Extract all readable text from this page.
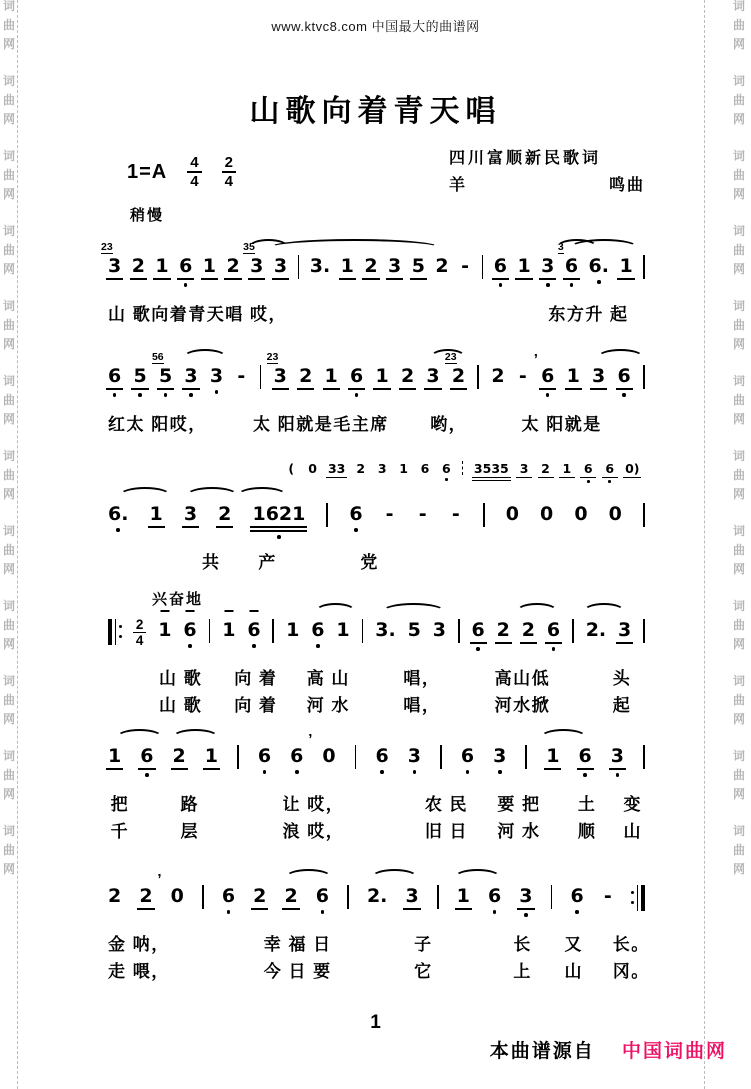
词
曲
网
词
曲
网
词
曲
网
词
曲
网
词
曲
网
词
曲
网
词
曲
网
词
曲
网
词
曲
网
词
曲
网
词
曲
网
词
曲
网
词
曲
网
词
曲
网
词
曲
网
词
曲
网
词
曲
网
词
曲
网
词
曲
网
词
曲
网
词
曲
网
词
曲
网
词
曲
网
词
曲
网
www.ktvc8.com 中国最大的曲谱网
山歌向着青天唱
$1=A \frac{4}{4} \frac{2}{4}$	四川富顺新民歌词
羊	鸣曲
稍慢
兴奋地
23
3 2 1 6 1 2
35
3 3 3. 1 2 3 5 2 - 6 1 3
3
6 6. 1
山 歌向着青天唱 哎，	东方升 起
6 5
56
5 3 3 -
23
3 2 1 6 1 2 3
23
2 2
’
- 6 1 3 6
红太 阳哎，	太 阳就是毛主席 哟，	太 阳就是
6. 1 3 2 1621 6 - - - 0 0 0 0
( 0 33 2 3 1 6 6 3535 3 2 1 6 6 0)
共 产	党
$\frac{2}{4} 1$ 6 1 6 1 6 1 3. 5 3 6 2 2 6 2. 3
山 歌 向 着 高 山	唱，	高山低	头
山 歌 向 着 河 水	唱，	河水掀	起
1 6 2 1 6
’
6 0 6 3 6 3 1 6 3
把	路	让 哎，	农 民 要 把 土 变
千	层	浪 哎，	旧 日 河 水 顺 山
2
’
2 0 6 2 2 6 2. 3 1 6 3 6 -
金 呐，	幸 福 日	子	长 又 长。
走 喂，	今 日 要	它	上 山 冈。
1
本曲谱源自 中国词曲网
